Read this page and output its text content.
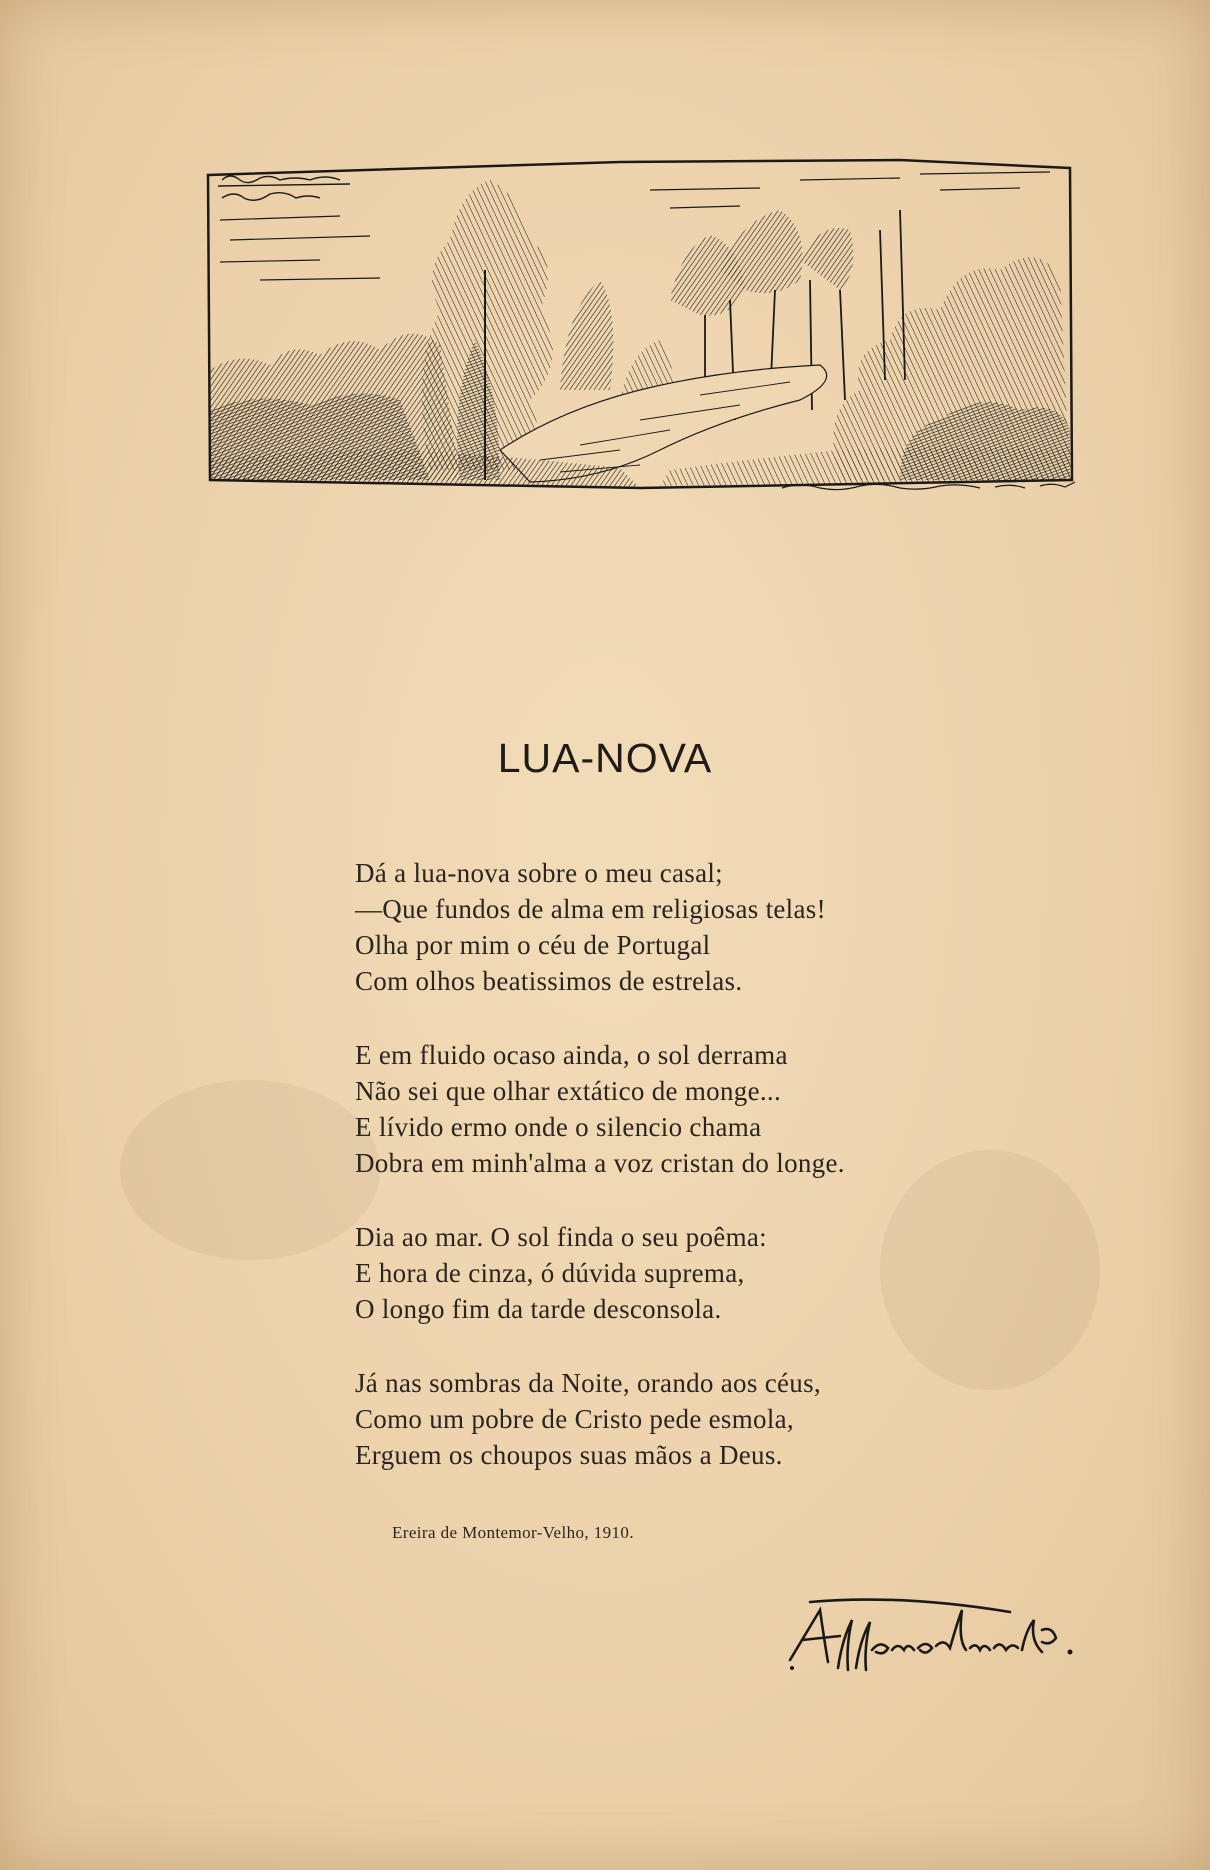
LUA-NOVA
Dá a lua-nova sobre o meu casal;
—Que fundos de alma em religiosas telas!
Olha por mim o céu de Portugal
Com olhos beatissimos de estrelas.
E em fluido ocaso ainda, o sol derrama
Não sei que olhar extático de monge...
E lívido ermo onde o silencio chama
Dobra em minh'alma a voz cristan do longe.
Dia ao mar. O sol finda o seu poêma:
E hora de cinza, ó dúvida suprema,
O longo fim da tarde desconsola.
Já nas sombras da Noite, orando aos céus,
Como um pobre de Cristo pede esmola,
Erguem os choupos suas mãos a Deus.
Ereira de Montemor-Velho, 1910.
